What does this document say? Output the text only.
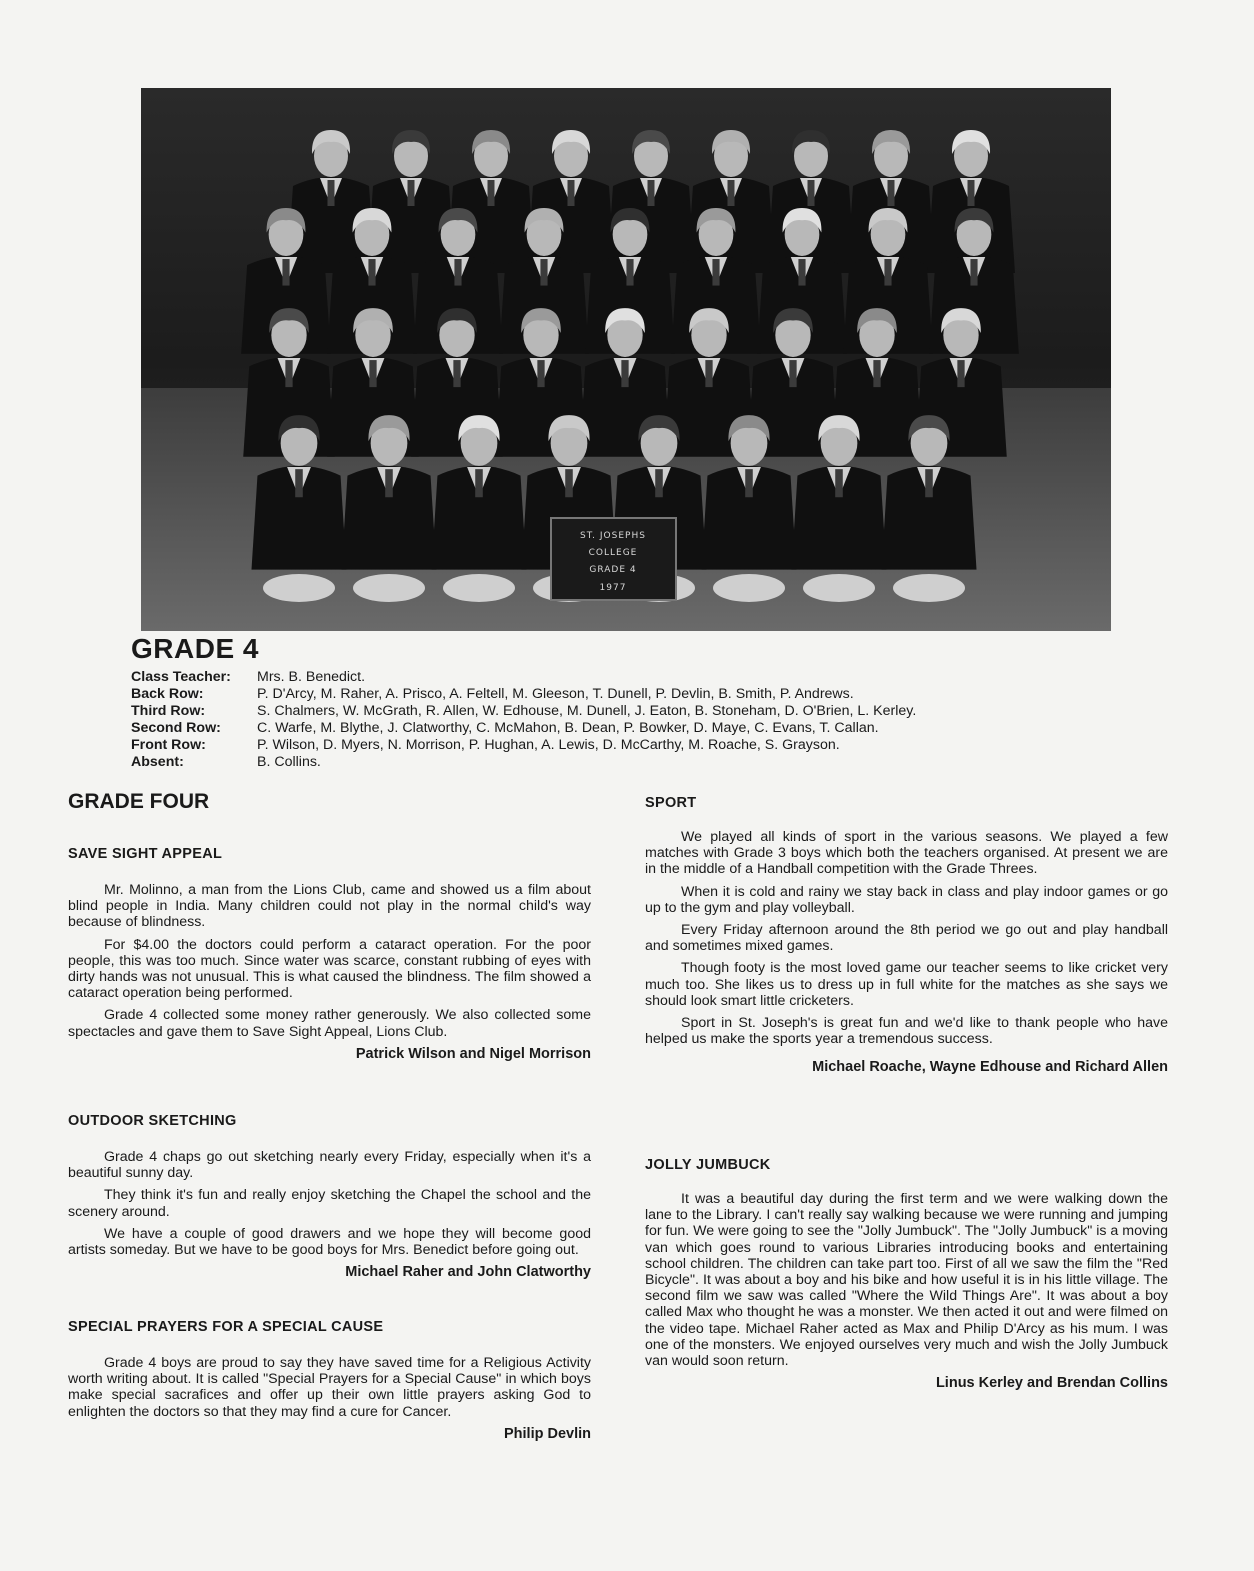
ST. JOSEPHS
COLLEGE
GRADE 4
1977
GRADE 4
Class Teacher:	Mrs. B. Benedict.
Back Row:	P. D'Arcy, M. Raher, A. Prisco, A. Feltell, M. Gleeson, T. Dunell, P. Devlin, B. Smith, P. Andrews.
Third Row:	S. Chalmers, W. McGrath, R. Allen, W. Edhouse, M. Dunell, J. Eaton, B. Stoneham, D. O'Brien, L. Kerley.
Second Row:	C. Warfe, M. Blythe, J. Clatworthy, C. McMahon, B. Dean, P. Bowker, D. Maye, C. Evans, T. Callan.
Front Row:	P. Wilson, D. Myers, N. Morrison, P. Hughan, A. Lewis, D. McCarthy, M. Roache, S. Grayson.
Absent:	B. Collins.
GRADE FOUR
SAVE SIGHT APPEAL

Mr. Molinno, a man from the Lions Club, came and showed us a film about blind people in India. Many children could not play in the normal child's way because of blindness.

For $4.00 the doctors could perform a cataract operation. For the poor people, this was too much. Since water was scarce, constant rubbing of eyes with dirty hands was not unusual. This is what caused the blindness. The film showed a cataract operation being performed.

Grade 4 collected some money rather generously. We also collected some spectacles and gave them to Save Sight Appeal, Lions Club.

Patrick Wilson and Nigel Morrison
OUTDOOR SKETCHING

Grade 4 chaps go out sketching nearly every Friday, especially when it's a beautiful sunny day.

They think it's fun and really enjoy sketching the Chapel the school and the scenery around.

We have a couple of good drawers and we hope they will become good artists someday. But we have to be good boys for Mrs. Benedict before going out.

Michael Raher and John Clatworthy
SPECIAL PRAYERS FOR A SPECIAL CAUSE

Grade 4 boys are proud to say they have saved time for a Religious Activity worth writing about. It is called "Special Prayers for a Special Cause" in which boys make special sacrafices and offer up their own little prayers asking God to enlighten the doctors so that they may find a cure for Cancer.

Philip Devlin
SPORT

We played all kinds of sport in the various seasons. We played a few matches with Grade 3 boys which both the teachers organised. At present we are in the middle of a Handball competition with the Grade Threes.

When it is cold and rainy we stay back in class and play indoor games or go up to the gym and play volleyball.

Every Friday afternoon around the 8th period we go out and play handball and sometimes mixed games.

Though footy is the most loved game our teacher seems to like cricket very much too. She likes us to dress up in full white for the matches as she says we should look smart little cricketers.

Sport in St. Joseph's is great fun and we'd like to thank people who have helped us make the sports year a tremendous success.

Michael Roache, Wayne Edhouse and Richard Allen
JOLLY JUMBUCK

It was a beautiful day during the first term and we were walking down the lane to the Library. I can't really say walking because we were running and jumping for fun. We were going to see the "Jolly Jumbuck". The "Jolly Jumbuck" is a moving van which goes round to various Libraries introducing books and entertaining school children. The children can take part too. First of all we saw the film the "Red Bicycle". It was about a boy and his bike and how useful it is in his little village. The second film we saw was called "Where the Wild Things Are". It was about a boy called Max who thought he was a monster. We then acted it out and were filmed on the video tape. Michael Raher acted as Max and Philip D'Arcy as his mum. I was one of the monsters. We enjoyed ourselves very much and wish the Jolly Jumbuck van would soon return.

Linus Kerley and Brendan Collins
